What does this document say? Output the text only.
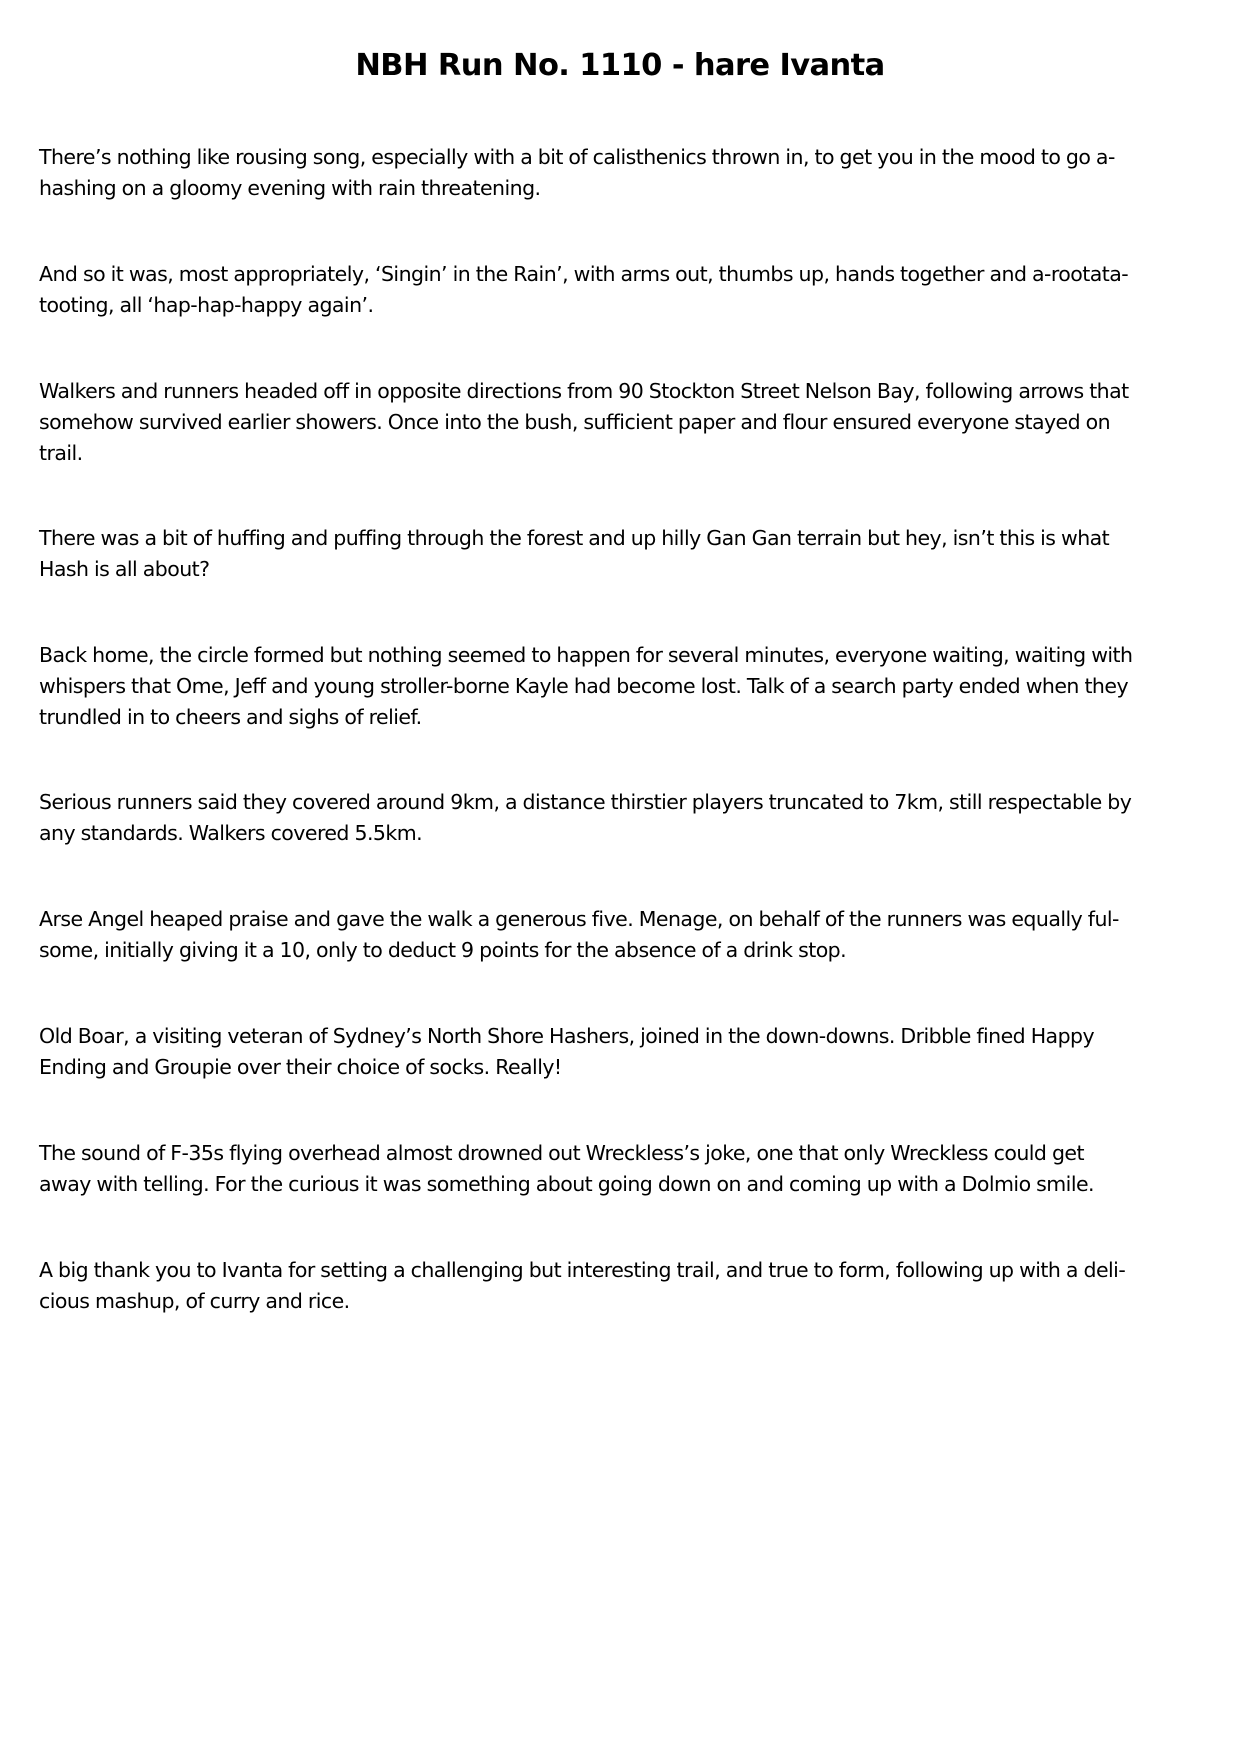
NBH Run No. 1110 - hare Ivanta

There’s nothing like rousing song, especially with a bit of calisthenics thrown in, to get you in the mood to go a-
hashing on a gloomy evening with rain threatening.

And so it was, most appropriately, ‘Singin’ in the Rain’, with arms out, thumbs up, hands together and a-rootata-
tooting, all ‘hap-hap-happy again’.

Walkers and runners headed off in opposite directions from 90 Stockton Street Nelson Bay, following arrows that
somehow survived earlier showers. Once into the bush, sufficient paper and flour ensured everyone stayed on
trail.

There was a bit of huffing and puffing through the forest and up hilly Gan Gan terrain but hey, isn’t this is what
Hash is all about?

Back home, the circle formed but nothing seemed to happen for several minutes, everyone waiting, waiting with
whispers that Ome, Jeff and young stroller-borne Kayle had become lost. Talk of a search party ended when they
trundled in to cheers and sighs of relief.

Serious runners said they covered around 9km, a distance thirstier players truncated to 7km, still respectable by
any standards. Walkers covered 5.5km.

Arse Angel heaped praise and gave the walk a generous five. Menage, on behalf of the runners was equally ful-
some, initially giving it a 10, only to deduct 9 points for the absence of a drink stop.

Old Boar, a visiting veteran of Sydney’s North Shore Hashers, joined in the down-downs. Dribble fined Happy
Ending and Groupie over their choice of socks. Really!

The sound of F-35s flying overhead almost drowned out Wreckless’s joke, one that only Wreckless could get
away with telling. For the curious it was something about going down on and coming up with a Dolmio smile.

A big thank you to Ivanta for setting a challenging but interesting trail, and true to form, following up with a deli-
cious mashup, of curry and rice.
